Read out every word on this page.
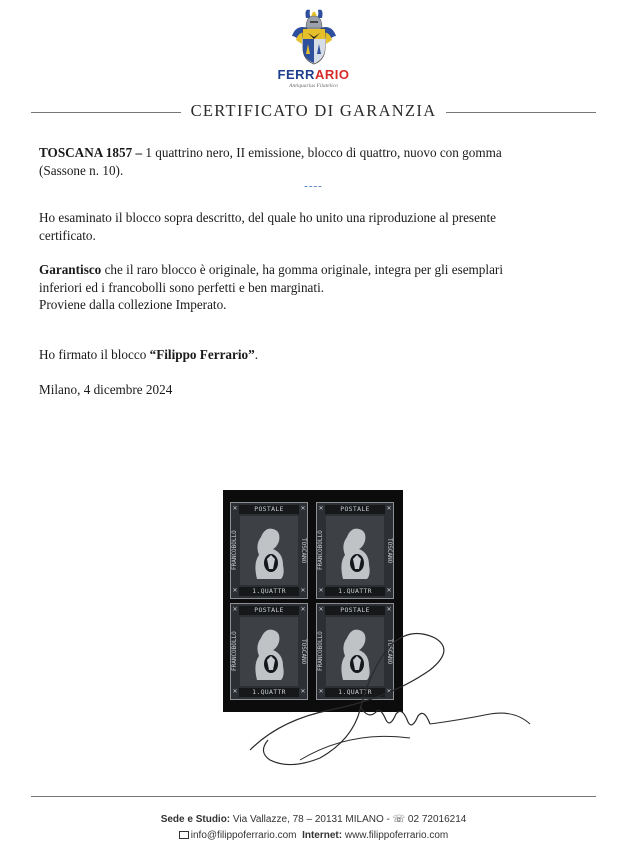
FERRARIO
Antiquarius Filatelico
CERTIFICATO DI GARANZIA

TOSCANA 1857 – 1 quattrino nero, II emissione, blocco di quattro, nuovo con gomma
(Sassone n. 10).

----

Ho esaminato il blocco sopra descritto, del quale ho unito una riproduzione al presente
certificato.

Garantisco che il raro blocco è originale, ha gomma originale, integra per gli esemplari
inferiori ed i francobolli sono perfetti e ben marginati.
Proviene dalla collezione Imperato.

Ho firmato il blocco “Filippo Ferrario”.

Milano, 4 dicembre 2024

POSTALE
1.QUATTR
FRANCOBOLLO	TOSCANO
✕	✕
✕	✕
POSTALE
1.QUATTR
FRANCOBOLLO	TOSCANO
✕	✕
✕	✕
POSTALE
1.QUATTR
FRANCOBOLLO	TOSCANO
✕	✕
✕	✕
POSTALE
1.QUATTR
FRANCOBOLLO	TOSCANO
✕	✕
✕	✕
Sede e Studio: Via Vallazze, 78 – 20131 MILANO - ☏ 02 72016214
info@filippoferrario.com Internet: www.filippoferrario.com
